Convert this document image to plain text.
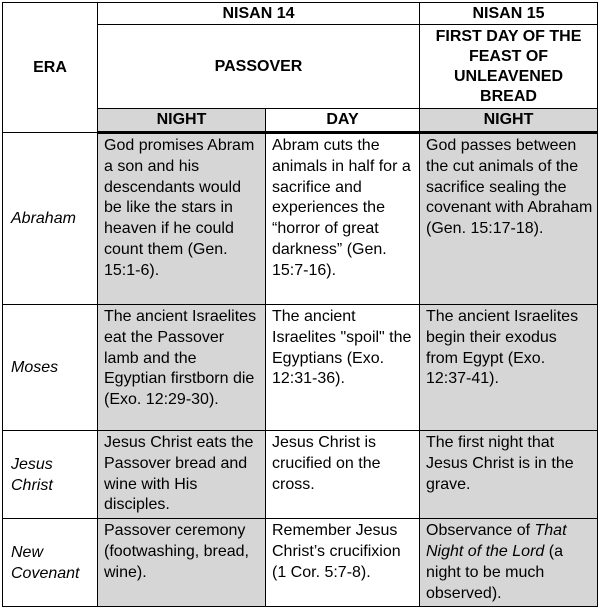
ERA	NISAN 14		NISAN 15
	PASSOVER		FIRST DAY OF THE FEAST OF UNLEAVENED BREAD
	NIGHT	DAY	NIGHT
Abraham	God promises Abram a son and his descendants would be like the stars in heaven if he could count them (Gen. 15:1-6).	Abram cuts the animals in half for a sacrifice and experiences the “horror of great darkness” (Gen. 15:7-16).	God passes between the cut animals of the sacrifice sealing the covenant with Abraham (Gen. 15:17-18).
Moses	The ancient Israelites eat the Passover lamb and the Egyptian firstborn die (Exo. 12:29-30).	The ancient Israelites "spoil" the Egyptians (Exo. 12:31-36).	The ancient Israelites begin their exodus from Egypt (Exo. 12:37-41).
Jesus Christ	Jesus Christ eats the Passover bread and wine with His disciples.	Jesus Christ is crucified on the cross.	The first night that Jesus Christ is in the grave.
New Covenant	Passover ceremony (footwashing, bread, wine).	Remember Jesus Christ’s crucifixion (1 Cor. 5:7-8).	Observance of That Night of the Lord (a night to be much observed).
